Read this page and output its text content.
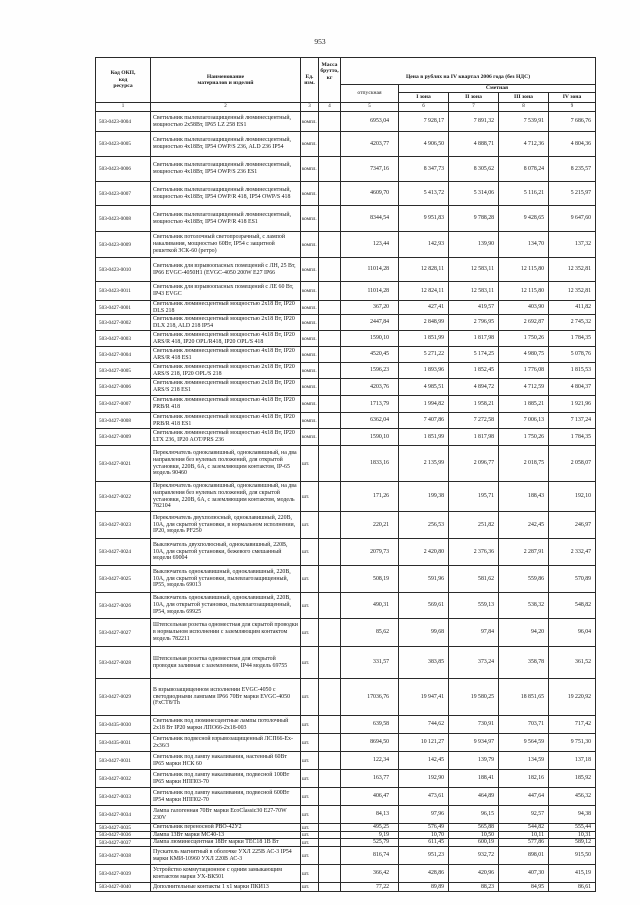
953
Код ОКП,
код
ресурса
Наименование
материалов и изделий
Ед.
изм.
Масса
брутто,
кг	Цена в рублях на IV квартал 2006 года (без НДС)
отпускная
Сметная
I зона	II зона	III зона	IV зона
1	2	3	4	5	6	7	8	9
503-0423-0004
Светильник пылевлагозащищенный люминесцентный, мощностью 2х58Вт, IP65 LZ 258 ES1	компл.	6953,04	7 928,17	7 891,32	7 539,91	7 686,76
503-0423-0005
Светильник пылевлагозащищенный люминесцентный, мощностью 4х18Вт, IP54 OWP/S 236, ALD 236 IP54	компл.	4203,77	4 906,50	4 888,71	4 712,36	4 804,36
503-0423-0006
Светильник пылевлагозащищенный люминесцентный, мощностью 4х18Вт, IP54 OWP/S 236 ES1	компл.	7347,16	8 347,73	8 305,62	8 078,24	8 235,57
503-0423-0007
Светильник пылевлагозащищенный люминесцентный, мощностью 4х18Вт, IP54 OWP/R 418, IP54 OWP/S 418	компл.	4609,70	5 413,72	5 314,06	5 116,21	5 215,97
503-0423-0008
Светильник пылевлагозащищенный люминесцентный, мощностью 4х18Вт, IP54 OWP/R 418 ES1	компл.	8344,54	9 951,83	9 788,28	9 428,65	9 647,60
503-0423-0009
Светильник потолочный светопрозрачный, с лампой накаливания, мощностью 60Вт, IP54 с защитной решеткой ЗСК-60 (ретро)
компл.	123,44	142,93	139,90	134,70	137,32
503-0423-0010
Светильник для взрывоопасных помещений с ЛН, 25 Вт, IP66 EVGC-4050Н1 (EVGC-4050 200W E27 IP66	компл.	11014,28	12 828,11	12 583,11	12 115,80	12 352,81
503-0423-0011
Светильник для взрывоопасных помещений с ЛЕ 60 Вт, IP43 EVGC	компл.	11014,28	12 824,11	12 583,11	12 115,80	12 352,81
503-0427-0001
Светильник люминесцентный мощностью 2х18 Вт, IP20 DLS 218	компл.	367,20	427,41	419,57	403,90	411,82
503-0427-0002
Светильник люминесцентный мощностью 2х18 Вт, IP20 DLX 218, ALD 218 IP54	компл.	2447,84	2 848,99	2 796,95	2 692,87	2 745,32
503-0427-0003
Светильник люминесцентный мощностью 4х18 Вт, IP20 ARS/R 418, IP20 OPL/R418, IP20 OPL/S 418	компл.	1590,10	1 851,99	1 817,98	1 750,26	1 784,35
503-0427-0004
Светильник люминесцентный мощностью 4х18 Вт, IP20 ARS/R 418 ES1	компл.	4520,45	5 271,22	5 174,25	4 980,75	5 078,76
503-0427-0005
Светильник люминесцентный мощностью 2х18 Вт, IP20 ARS/S 218, IP20 OPL/S 218	компл.	1596,23	1 893,96	1 852,45	1 776,08	1 815,53
503-0427-0006
Светильник люминесцентный мощностью 2х18 Вт, IP20 ARS/S 218 ES1	компл.	4203,76	4 985,51	4 894,72	4 712,59	4 804,37
503-0427-0007
Светильник люминесцентный мощностью 4х18 Вт, IP20 PRB/R 418	компл.	1713,79	1 994,82	1 958,21	1 885,21	1 921,96
503-0427-0008
Светильник люминесцентный мощностью 4х18 Вт, IP20 PRB/R 418 ES1	компл.	6362,04	7 407,86	7 272,58	7 006,13	7 137,24
503-0427-0009
Светильник люминесцентный мощностью 4х18 Вт, IP20 LTX 236, IP20 AOT/PRS 236	компл.	1590,10	1 851,99	1 817,98	1 750,26	1 784,35
503-0427-0021
Переключатель одноклавишный, одноклавишный, на два направления без нулевых положений, для открытой установки, 220В, 6А, с заземляющим контактом, IP-65 модель 90460
шт.	1833,16	2 135,99	2 096,77	2 018,75	2 058,07
503-0427-0022
Переключатель одноклавишный, одноклавишный, на два направления без нулевых положений, для скрытой установки, 220В, 6А, с заземляющим контактом, модель 782104
шт.	171,26	199,38	195,71	188,43	192,10
503-0427-0023
Переключатель двухполюсный, одноклавишный, 220В, 10А, для скрытой установки, в нормальном исполнении, IP20, модель PF250
шт.	220,21	256,53	251,82	242,45	246,97
503-0427-0024
Выключатель двухполюсный, одноклавишный, 220В, 10А, для скрытой установки, бежевого смешанный модели 69004
шт.	2079,73	2 420,80	2 376,36	2 287,91	2 332,47
503-0427-0025
Выключатель одноклавишный, одноклавишный, 220В, 10А, для скрытой установки, пылевлагозащищенный, IP55, модель 69013
шт.	508,19	591,96	581,62	559,86	570,89
503-0427-0026
Выключатель одноклавишный, одноклавишный, 220В, 10А, для открытой установки, пылевлагозащищенный, IP54, модель 69925
шт.	490,31	569,61	559,13	538,32	548,82
503-0427-0027
Штепсельная розетка одноместная для скрытой проводки в нормальном исполнении с заземляющим контактом модель 782211
шт.	85,62	99,68	97,84	94,20	96,04
503-0427-0028
Штепсельная розетка одноместная для открытой проводки заливная с заземлением, IP44 модель 69755	шт.	331,57	383,85	373,24	358,78	361,52
503-0427-0029
В взрывозащищенном исполнении EVGC-4050 с светодиодными лампами IP66 70Вт марки EVGC-4050 (FxCT8/Th
шт.	17036,76	19 947,41	19 580,25	18 851,65	19 220,92
503-0435-0030
Светильник под люминесцентные лампы потолочный 2х18 Вт IP20 марки ЛПО66-2х18-003	шт.	639,58	744,62	730,91	703,71	717,42
503-0435-0031
Светильник подвесной взрывозащищенный ЛСП66-Ex-2х36/3	шт.	8694,50	10 121,27	9 934,97	9 564,59	9 751,30
503-0427-0031
Светильник под лампу накаливания, настенный 60Вт IP65 марки НСК 60	шт.	122,34	142,45	139,79	134,59	137,18
503-0427-0032
Светильник под лампу накаливания, подвесной 100Вт IP65 марки НПП03-70	шт.	163,77	192,90	188,41	182,16	185,92
503-0427-0033
Светильник под лампу накаливания, подвесной 600Вт IP54 марки НПП02-70	шт.	406,47	473,61	464,89	447,64	456,32
503-0427-0034
Лампа галогенная 70Вт марки EcoClassic30 E27-70W 230V	шт.	84,13	97,96	96,15	92,57	94,38
503-0427-0035	Светильник переносной РВО-42У2	шт.	495,25	576,49	565,88	544,82	555,44
503-0427-0036	Лампа 13Вт марки MC40-13	шт.	9,19	10,70	10,50	10,11	10,31
503-0427-0037	Лампа люминесцентная 18Вт марки ТЕС18 1В Вт	шт.	525,79	611,45	600,19	577,86	589,12
503-0427-0038
Пускатель магнитный в оболочке УХЛ 225В АС-3 IP54 марки КМИ-10960 УХЛ 220В АС-3	шт.	816,74	951,23	932,72	898,01	915,50
503-0427-0039
Устройство коммутационное с одним замыкающим контактом марки УХ-ВК501	шт.	366,42	428,86	420,96	407,30	415,19
503-0427-0040	Дополнительные контакты 1 x1 марки ПКИ13	шт.	77,22	89,89	88,23	84,95	86,61
